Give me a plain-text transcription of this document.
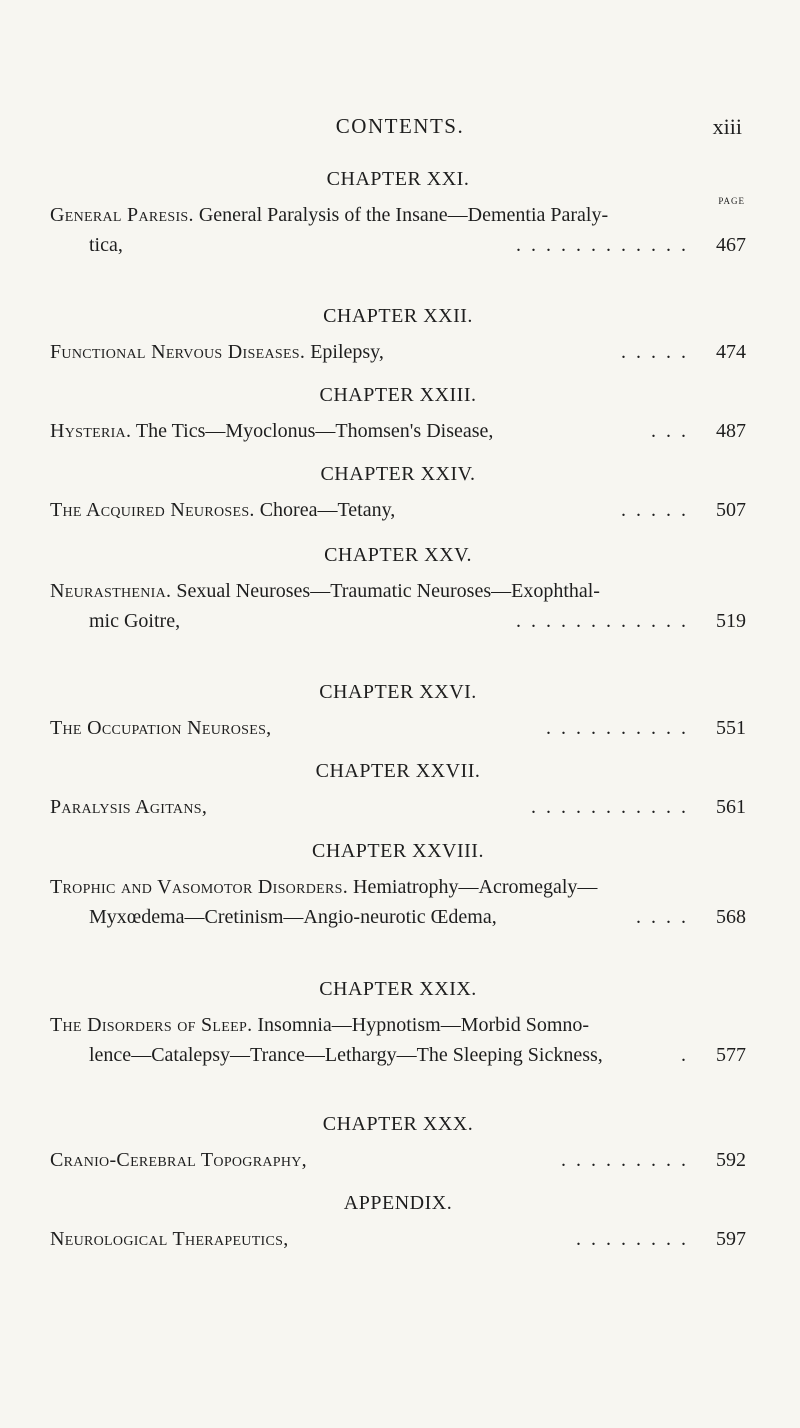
CONTENTS.	xiii
PAGE
CHAPTER XXI.
General Paresis. General Paralysis of the Insane—Dementia Paraly-
tica,	............ 467
CHAPTER XXII.
Functional Nervous Diseases. Epilepsy,	..... 474
CHAPTER XXIII.
Hysteria. The Tics—Myoclonus—Thomsen's Disease,	... 487
CHAPTER XXIV.
The Acquired Neuroses. Chorea—Tetany,	..... 507
CHAPTER XXV.
Neurasthenia. Sexual Neuroses—Traumatic Neuroses—Exophthal-
mic Goitre,	............ 519
CHAPTER XXVI.
The Occupation Neuroses,	.......... 551
CHAPTER XXVII.
Paralysis Agitans,	........... 561
CHAPTER XXVIII.
Trophic and Vasomotor Disorders. Hemiatrophy—Acromegaly—
Myxœdema—Cretinism—Angio-neurotic Œdema,	.... 568
CHAPTER XXIX.
The Disorders of Sleep. Insomnia—Hypnotism—Morbid Somno-
lence—Catalepsy—Trance—Lethargy—The Sleeping Sickness,	. 577
CHAPTER XXX.
Cranio-Cerebral Topography,	......... 592
APPENDIX.
Neurological Therapeutics,	........ 597
